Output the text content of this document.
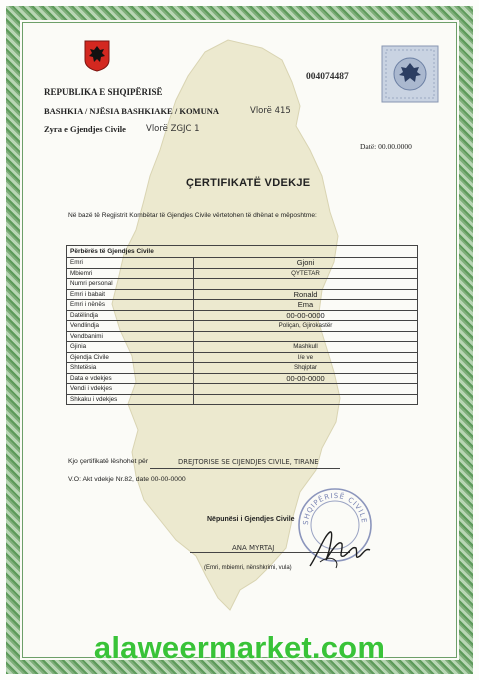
004074487
REPUBLIKA E SHQIPËRISË
BASHKIA / NJËSIA BASHKIAKE / KOMUNA	Vlorë 415
Zyra e Gjendjes Civile Vlorë ZGJC 1
Datë: 00.00.0000
ÇERTIFIKATË VDEKJE
Në bazë të Regjistrit Kombëtar të Gjendjes Civile vërtetohen të dhënat e mëposhtme:
Përbërës të Gjendjes Civile	
Emri	Gjoni
Mbiemri	QYTETAR
Numri personal	
Emri i babait	Ronald
Emri i nënës	Ema
Datëlindja	00-00-0000
Vendlindja	Poliçan, Gjirokastër
Vendbanimi	
Gjinia	Mashkull
Gjendja Civile	I/e ve
Shtetësia	Shqiptar
Data e vdekjes	00-00-0000
Vendi i vdekjes	
Shkaku i vdekjes	
Kjo çertifikatë lëshohet për	DREJTORISE SE CIJENDJES CIVILE, TIRANE
V.O: Akt vdekje Nr.82, date 00-00-0000
Nëpunësi i Gjendjes Civile
ANA MYRTAJ
(Emri, mbiemri, nënshkrimi, vula)
SHQIPËRISË CIVILE
alaweermarket.com
